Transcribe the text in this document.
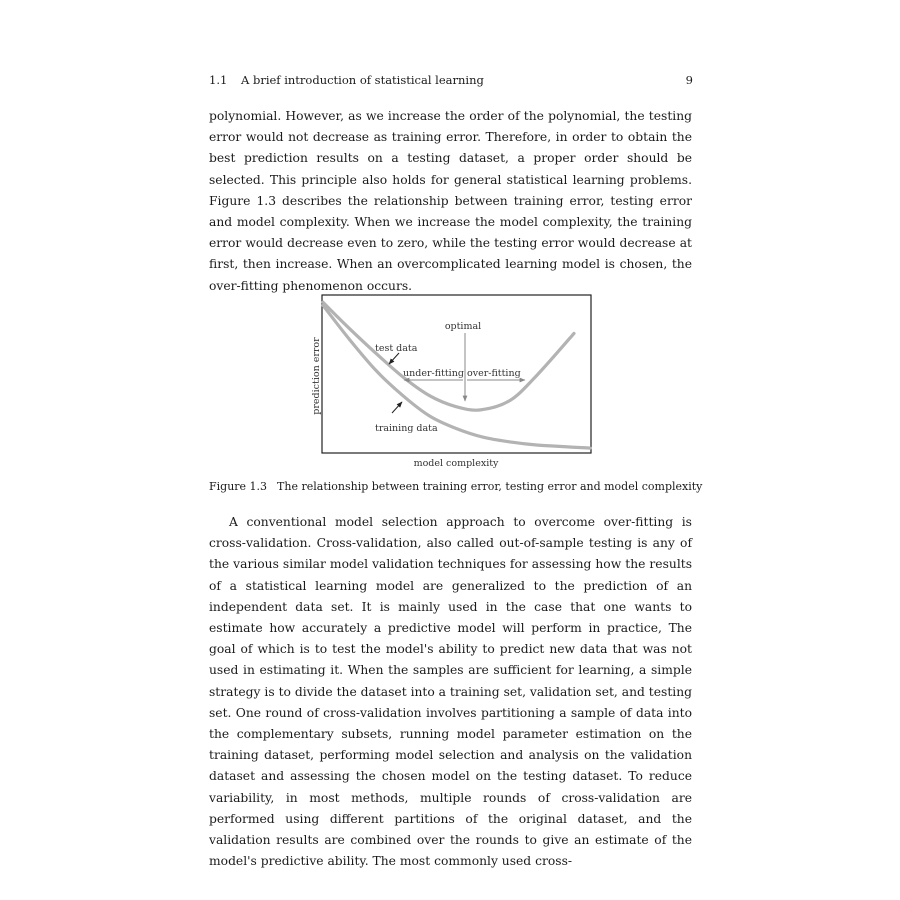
1.1 A brief introduction of statistical learning	9

polynomial. However, as we increase the order of the polynomial, the testing error would not decrease as training error. Therefore, in order to obtain the best prediction results on a testing dataset, a proper order should be selected. This principle also holds for general statistical learning problems. Figure 1.3 describes the relationship between training error, testing error and model complexity. When we increase the model complexity, the training error would decrease even to zero, while the testing error would decrease at first, then increase. When an overcomplicated learning model is chosen, the over-fitting phenomenon occurs.

optimal
test data
under-fitting over-fitting
training data
model complexity
prediction error
Figure 1.3 The relationship between training error, testing error and model complexity

A conventional model selection approach to overcome over-fitting is cross-validation. Cross-validation, also called out-of-sample testing is any of the various similar model validation techniques for assessing how the results of a statistical learning model are generalized to the prediction of an independent data set. It is mainly used in the case that one wants to estimate how accurately a predictive model will perform in practice, The goal of which is to test the model's ability to predict new data that was not used in estimating it. When the samples are sufficient for learning, a simple strategy is to divide the dataset into a training set, validation set, and testing set. One round of cross-validation involves partitioning a sample of data into the complementary subsets, running model parameter estimation on the training dataset, performing model selection and analysis on the validation dataset and assessing the chosen model on the testing dataset. To reduce variability, in most methods, multiple rounds of cross-validation are performed using different partitions of the original dataset, and the validation results are combined over the rounds to give an estimate of the model's predictive ability. The most commonly used cross-
